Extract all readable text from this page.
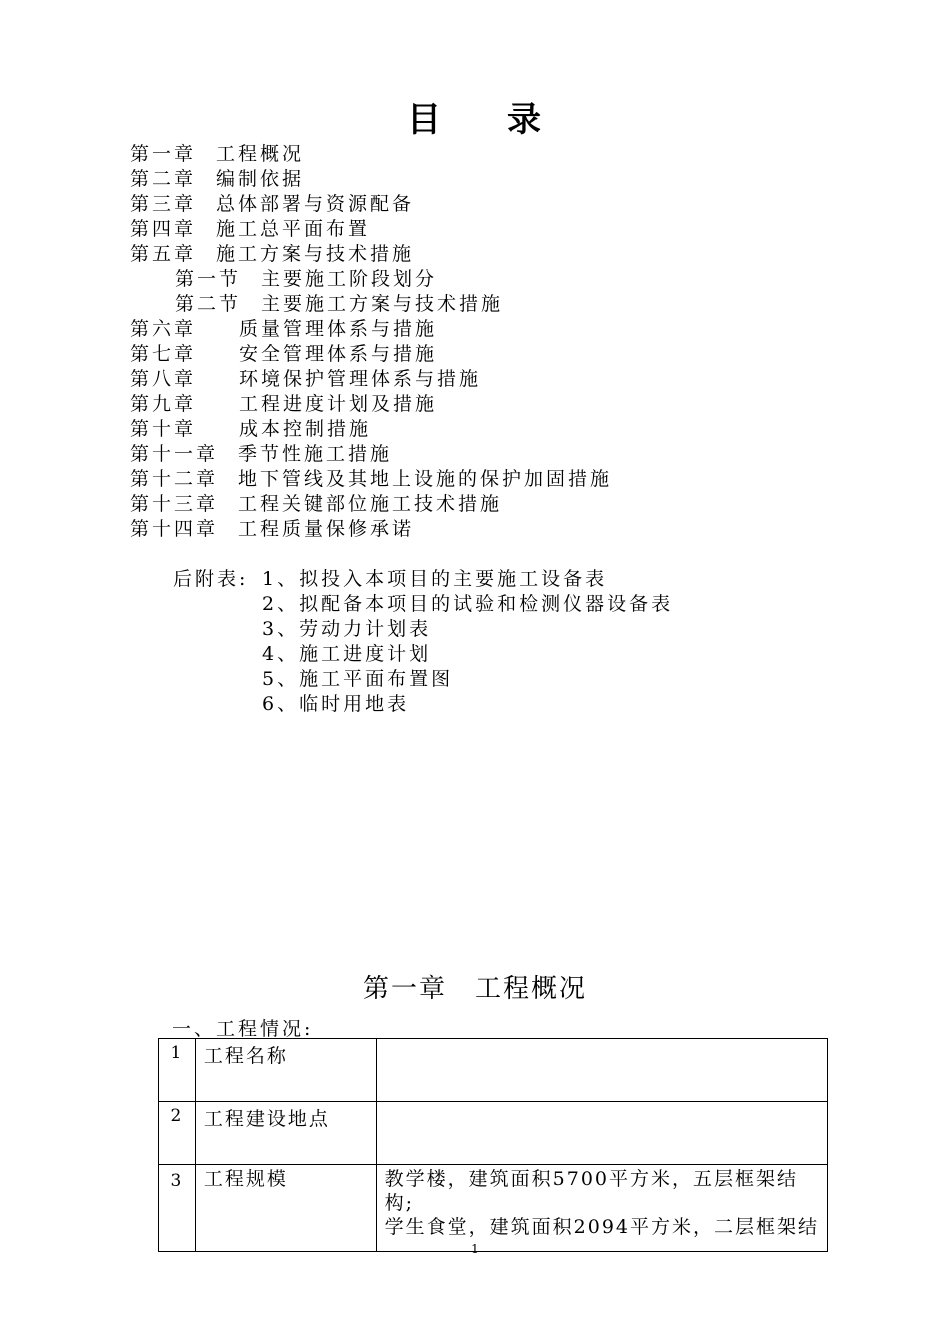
目 录
第一章 工程概况
第二章 编制依据
第三章 总体部署与资源配备
第四章 施工总平面布置
第五章 施工方案与技术措施
第一节 主要施工阶段划分
第二节 主要施工方案与技术措施
第六章 质量管理体系与措施
第七章 安全管理体系与措施
第八章 环境保护管理体系与措施
第九章 工程进度计划及措施
第十章 成本控制措施
第十一章 季节性施工措施
第十二章 地下管线及其地上设施的保护加固措施
第十三章 工程关键部位施工技术措施
第十四章 工程质量保修承诺
后附表: 1、拟投入本项目的主要施工设备表
2、拟配备本项目的试验和检测仪器设备表
3、劳动力计划表
4、施工进度计划
5、施工平面布置图
6、临时用地表
第一章 工程概况
一、工程情况:
1	工程名称	
2	工程建设地点	
3	工程规模	教学楼，建筑面积5700平方米，五层框架结构;
学生食堂，建筑面积2094平方米，二层框架结
1
